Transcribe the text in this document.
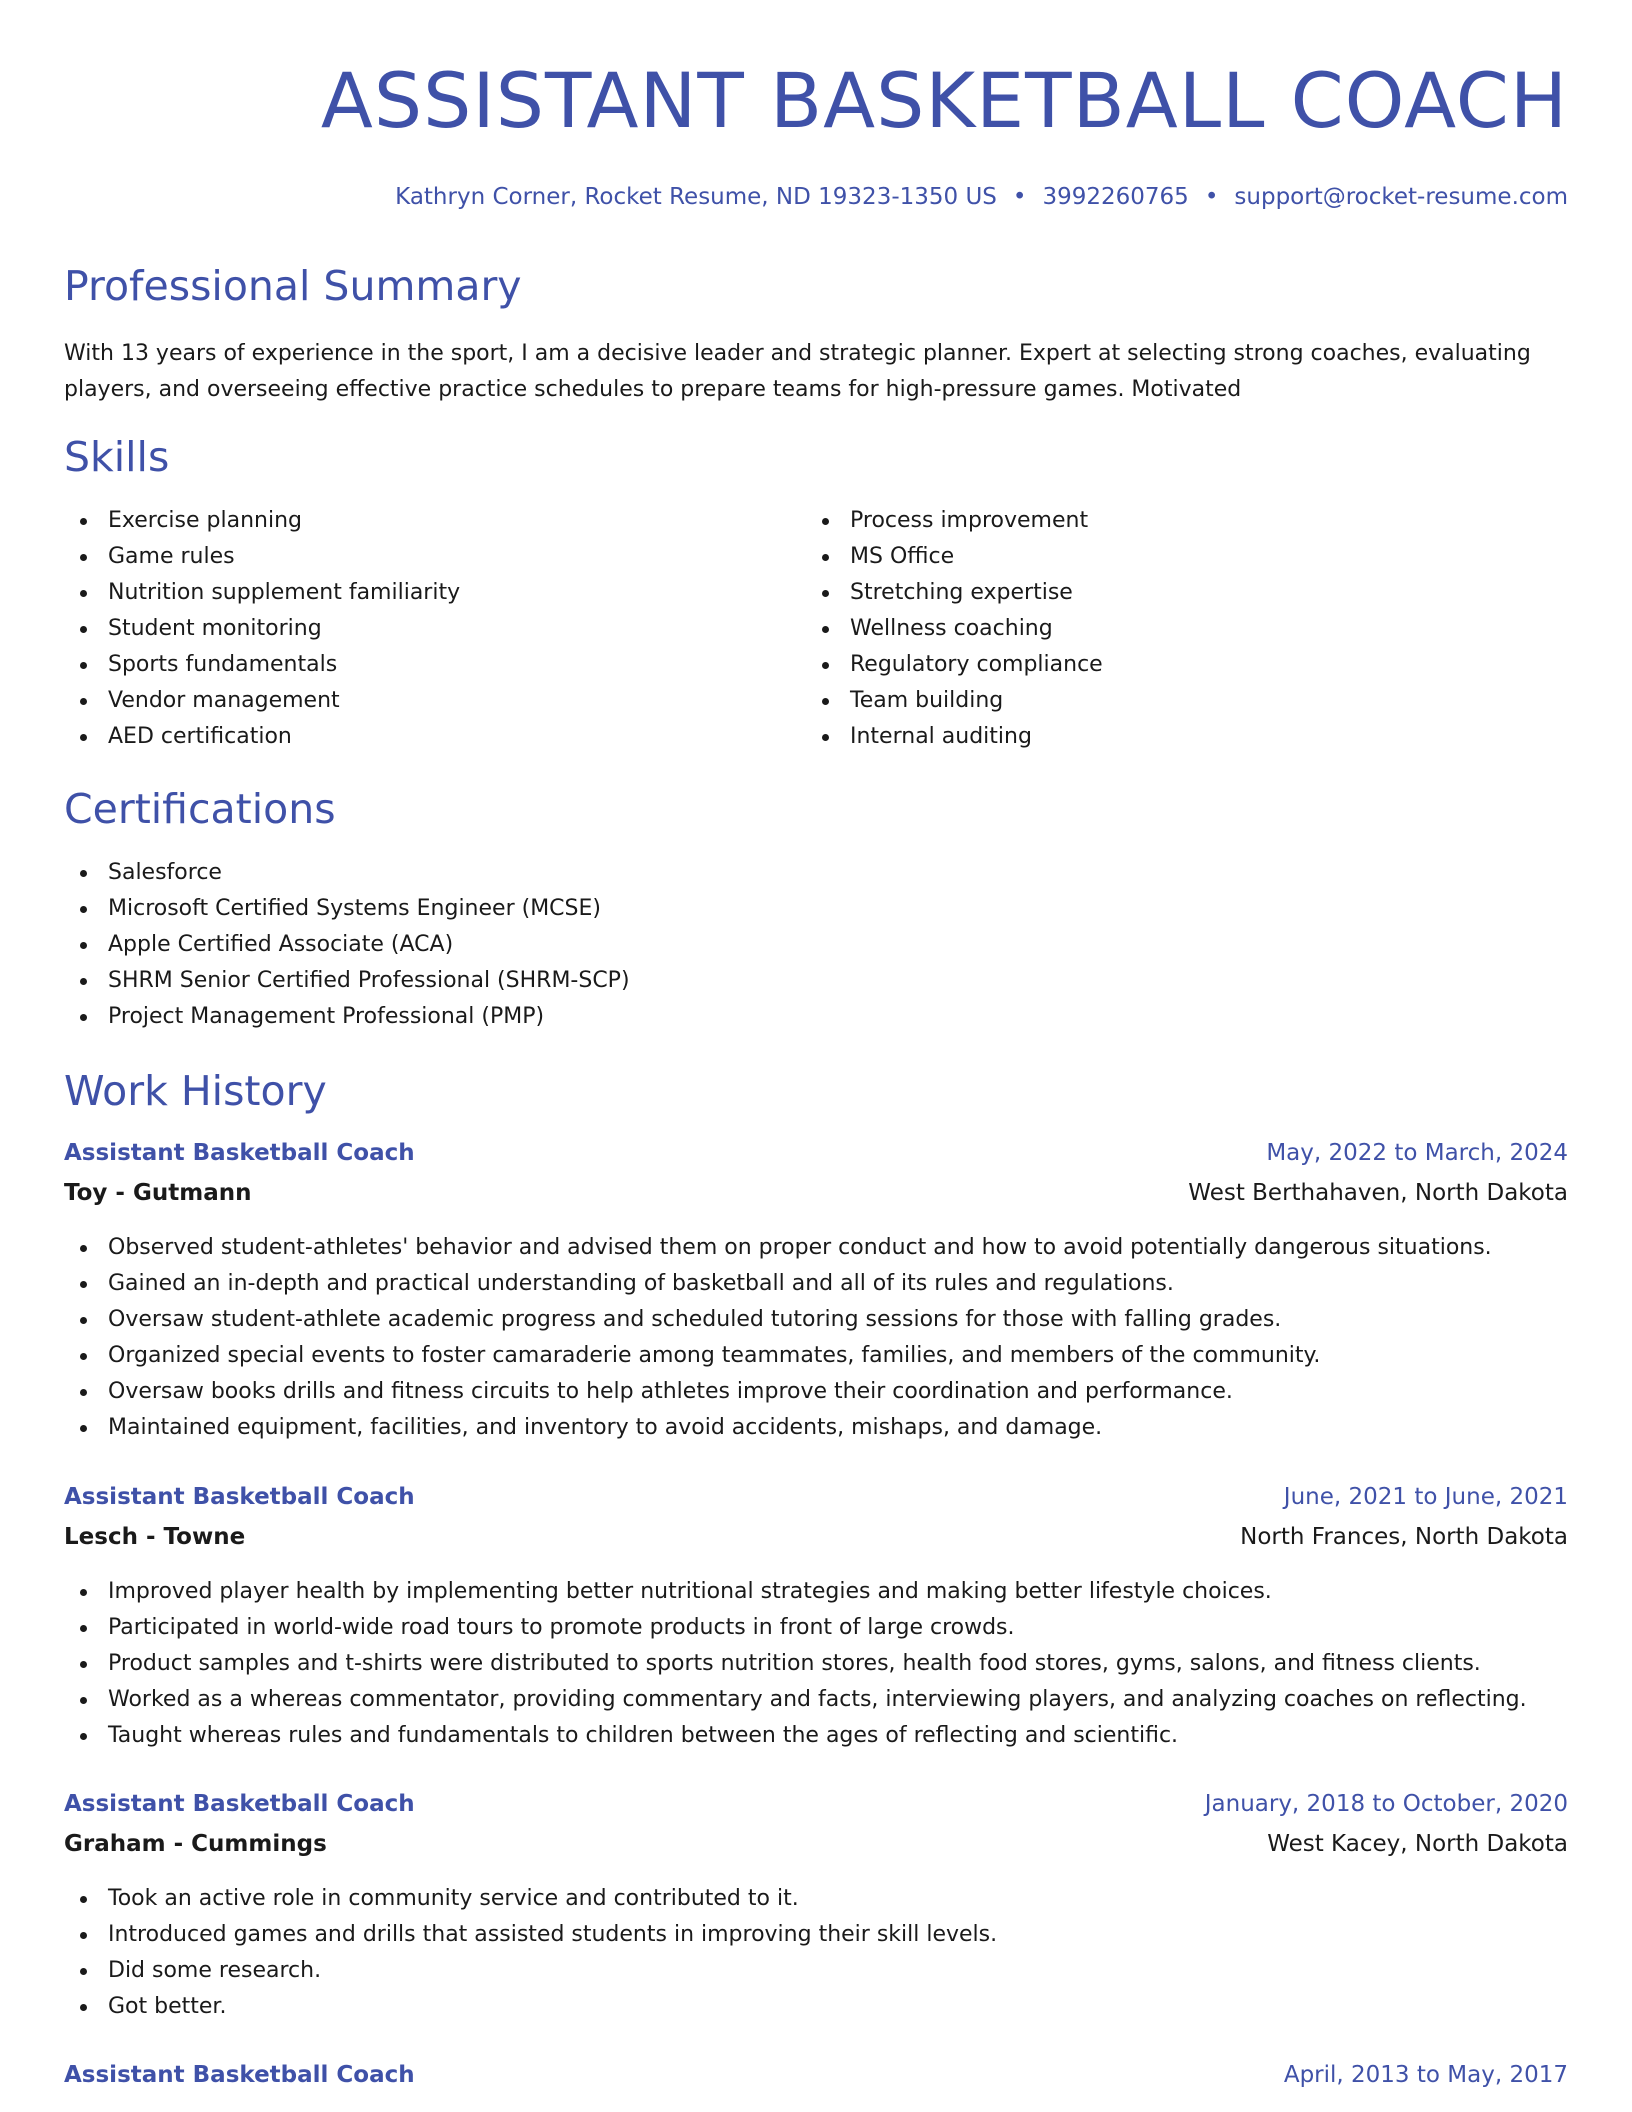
ASSISTANT BASKETBALL COACH
Kathryn Corner, Rocket Resume, ND 19323-1350 US • 3992260765 • support@rocket-resume.com
Professional Summary

With 13 years of experience in the sport, I am a decisive leader and strategic planner. Expert at selecting strong coaches, evaluating players, and overseeing effective practice schedules to prepare teams for high-pressure games. Motivated

Skills
Exercise planning
Game rules
Nutrition supplement familiarity
Student monitoring
Sports fundamentals
Vendor management
AED certification
Process improvement
MS Office
Stretching expertise
Wellness coaching
Regulatory compliance
Team building
Internal auditing
Certifications
Salesforce
Microsoft Certified Systems Engineer (MCSE)
Apple Certified Associate (ACA)
SHRM Senior Certified Professional (SHRM-SCP)
Project Management Professional (PMP)
Work History
Assistant Basketball Coach	May, 2022 to March, 2024
Toy - Gutmann	West Berthahaven, North Dakota
Observed student-athletes' behavior and advised them on proper conduct and how to avoid potentially dangerous situations.
Gained an in-depth and practical understanding of basketball and all of its rules and regulations.
Oversaw student-athlete academic progress and scheduled tutoring sessions for those with falling grades.
Organized special events to foster camaraderie among teammates, families, and members of the community.
Oversaw books drills and fitness circuits to help athletes improve their coordination and performance.
Maintained equipment, facilities, and inventory to avoid accidents, mishaps, and damage.
Assistant Basketball Coach	June, 2021 to June, 2021
Lesch - Towne	North Frances, North Dakota
Improved player health by implementing better nutritional strategies and making better lifestyle choices.
Participated in world-wide road tours to promote products in front of large crowds.
Product samples and t-shirts were distributed to sports nutrition stores, health food stores, gyms, salons, and fitness clients.
Worked as a whereas commentator, providing commentary and facts, interviewing players, and analyzing coaches on reflecting.
Taught whereas rules and fundamentals to children between the ages of reflecting and scientific.
Assistant Basketball Coach	January, 2018 to October, 2020
Graham - Cummings	West Kacey, North Dakota
Took an active role in community service and contributed to it.
Introduced games and drills that assisted students in improving their skill levels.
Did some research.
Got better.
Assistant Basketball Coach	April, 2013 to May, 2017
